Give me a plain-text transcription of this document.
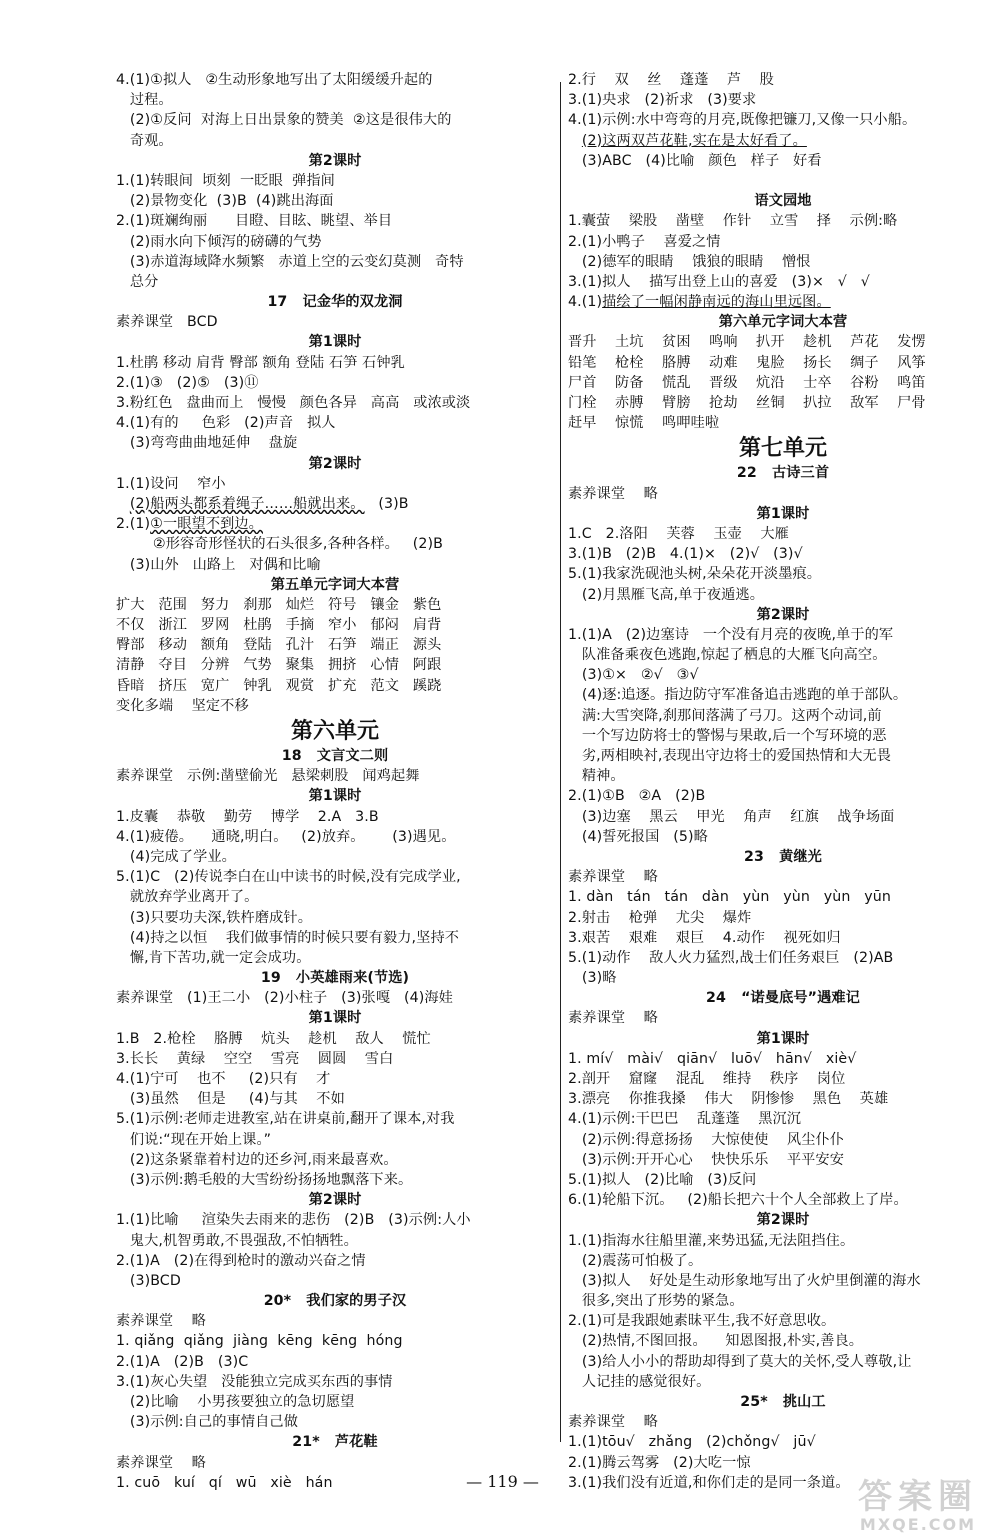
4.(1)①拟人   ②生动形象地写出了太阳缓缓升起的
过程。
(2)①反问  对海上日出景象的赞美  ②这是很伟大的
奇观。
第2课时
1.(1)转眼间  顷刻  一眨眼  弹指间
(2)景物变化  (3)B  (4)跳出海面
2.(1)斑斓绚丽      目瞪、目眩、眺望、举目
(2)雨水向下倾泻的磅礴的气势
(3)赤道海域降水频繁   赤道上空的云变幻莫测   奇特
总分
17   记金华的双龙洞
素养课堂   BCD
第1课时
1.杜鹃 移动 肩背 臀部 额角 登陆 石笋 石钟乳
2.(1)③   (2)⑤   (3)⑪
3.粉红色   盘曲而上   慢慢   颜色各异   高高   或浓或淡
4.(1)有的     色彩   (2)声音   拟人
(3)弯弯曲曲地延伸    盘旋
第2课时
1.(1)设问    窄小
(2)船两头都系着绳子……船就出来。   (3)B
2.(1)①一眼望不到边。
②形容奇形怪状的石头很多,各种各样。   (2)B
(3)山外   山路上   对偶和比喻
第五单元字词大本营
扩大   范围   努力   刹那   灿烂   符号   镶金   紫色
不仅   浙江   罗网   杜鹃   手摘   窄小   郁闷   肩背
臀部   移动   额角   登陆   孔汁   石笋   端正   源头
清静   夺目   分辨   气势   聚集   拥挤   心情   阿跟
昏暗   挤压   宽广   钟乳   观赏   扩充   范文   蹊跷
变化多端    坚定不移
第六单元
18   文言文二则
素养课堂   示例:凿壁偷光   悬梁刺股   闻鸡起舞
第1课时
1.皮囊    恭敬    勤劳    博学    2.A   3.B
4.(1)疲倦。    通晓,明白。   (2)放弃。      (3)遇见。
(4)完成了学业。
5.(1)C   (2)传说李白在山中读书的时候,没有完成学业,
就放弃学业离开了。
(3)只要功夫深,铁杵磨成针。
(4)持之以恒    我们做事情的时候只要有毅力,坚持不
懈,肯下苦功,就一定会成功。
19   小英雄雨来(节选)
素养课堂   (1)王二小   (2)小柱子   (3)张嘎   (4)海娃
第1课时
1.B   2.枪栓    胳膊    炕头    趁机    敌人    慌忙
3.长长    黄绿    空空    雪亮    圆圆    雪白
4.(1)宁可    也不     (2)只有    才
(3)虽然    但是     (4)与其    不如
5.(1)示例:老师走进教室,站在讲桌前,翻开了课本,对我
们说:“现在开始上课。”
(2)这条紧靠着村边的还乡河,雨来最喜欢。
(3)示例:鹅毛般的大雪纷纷扬扬地飘落下来。
第2课时
1.(1)比喻     渲染失去雨来的悲伤   (2)B   (3)示例:人小
鬼大,机智勇敢,不畏强敌,不怕牺牲。
2.(1)A   (2)在得到枪时的激动兴奋之情
(3)BCD
20*   我们家的男子汉
素养课堂    略
1. qiǎng  qiǎng  jiàng  kēng  kēng  hóng
2.(1)A   (2)B   (3)C
3.(1)灰心失望   没能独立完成买东西的事情
(2)比喻    小男孩要独立的急切愿望
(3)示例:自己的事情自己做
21*   芦花鞋
素养课堂    略
1. cuō   kuí   qí   wū   xiè   hán
2.行    双    丝    蓬蓬    芦    股
3.(1)央求   (2)祈求   (3)要求
4.(1)示例:水中弯弯的月亮,既像把镰刀,又像一只小船。
(2)这两双芦花鞋,实在是太好看了。
(3)ABC   (4)比喻   颜色   样子   好看
语文园地
1.囊萤    梁股    凿壁    作针    立雪    择    示例:略
2.(1)小鸭子    喜爱之情
(2)德军的眼睛    饿狼的眼睛    憎恨
3.(1)拟人    描写出登上山的喜爱   (3)×   √   √
4.(1)描绘了一幅闲静南远的海山里远图。
第六单元字词大本营
晋升    土坑    贫困    鸣响    扒开    趁机    芦花    发愣
铅笔    枪栓    胳膊    动难    鬼脸    扬长    绸子    风筝
尸首    防备    慌乱    晋级    炕沿    士卒    谷粉    鸣笛
门栓    赤膊    臂膀    抢劫    丝铜    扒拉    敌军    尸骨
赶早    惊慌    鸣呷哇啦
第七单元
22   古诗三首
素养课堂    略
第1课时
1.C   2.洛阳    芙蓉    玉壶    大雁
3.(1)B   (2)B   4.(1)×   (2)√   (3)√
5.(1)我家洗砚池头树,朵朵花开淡墨痕。
(2)月黑雁飞高,单于夜遁逃。
第2课时
1.(1)A   (2)边塞诗   一个没有月亮的夜晚,单于的军
队准备乘夜色逃跑,惊起了栖息的大雁飞向高空。
(3)①×   ②√   ③√
(4)逐:追逐。指边防守军准备追击逃跑的单于部队。
满:大雪突降,刹那间落满了弓刀。这两个动词,前
一个写边防将士的警惕与果敢,后一个写环境的恶
劣,两相映衬,表现出守边将士的爱国热情和大无畏
精神。
2.(1)①B   ②A   (2)B
(3)边塞    黑云    甲光    角声    红旗    战争场面
(4)誓死报国   (5)略
23   黄继光
素养课堂    略
1. dàn   tán   tán   dàn   yùn   yùn   yùn   yūn
2.射击    枪弹    尤尖    爆炸
3.艰苦    艰难    艰巨    4.动作    视死如归
5.(1)动作    敌人火力猛烈,战士们任务艰巨   (2)AB
(3)略
24   “诺曼底号”遇难记
素养课堂    略
第1课时
1. mí√   mài√   qiān√   luō√   hān√   xiè√
2.剖开    窟窿    混乱    维持    秩序    岗位
3.漂亮    你推我搡    伟大    阴惨惨    黑色    英雄
4.(1)示例:干巴巴    乱蓬蓬    黑沉沉
(2)示例:得意扬扬    大惊使使    风尘仆仆
(3)示例:开开心心    快快乐乐    平平安安
5.(1)拟人   (2)比喻   (3)反问
6.(1)轮船下沉。   (2)船长把六十个人全部救上了岸。
第2课时
1.(1)指海水往船里灌,来势迅猛,无法阻挡住。
(2)震荡可怕极了。
(3)拟人    好处是生动形象地写出了火炉里倒灌的海水
很多,突出了形势的紧急。
2.(1)可是我跟她素昧平生,我不好意思收。
(2)热情,不图回报。    知恩图报,朴实,善良。
(3)给人小小的帮助却得到了莫大的关怀,受人尊敬,让
人记挂的感觉很好。
25*   挑山工
素养课堂    略
1.(1)tōu√   zhǎng   (2)chǒng√   jū√
2.(1)腾云驾雾   (2)大吃一惊
3.(1)我们没有近道,和你们走的是同一条道。
— 119 —	答案圈
MXQE.COM
